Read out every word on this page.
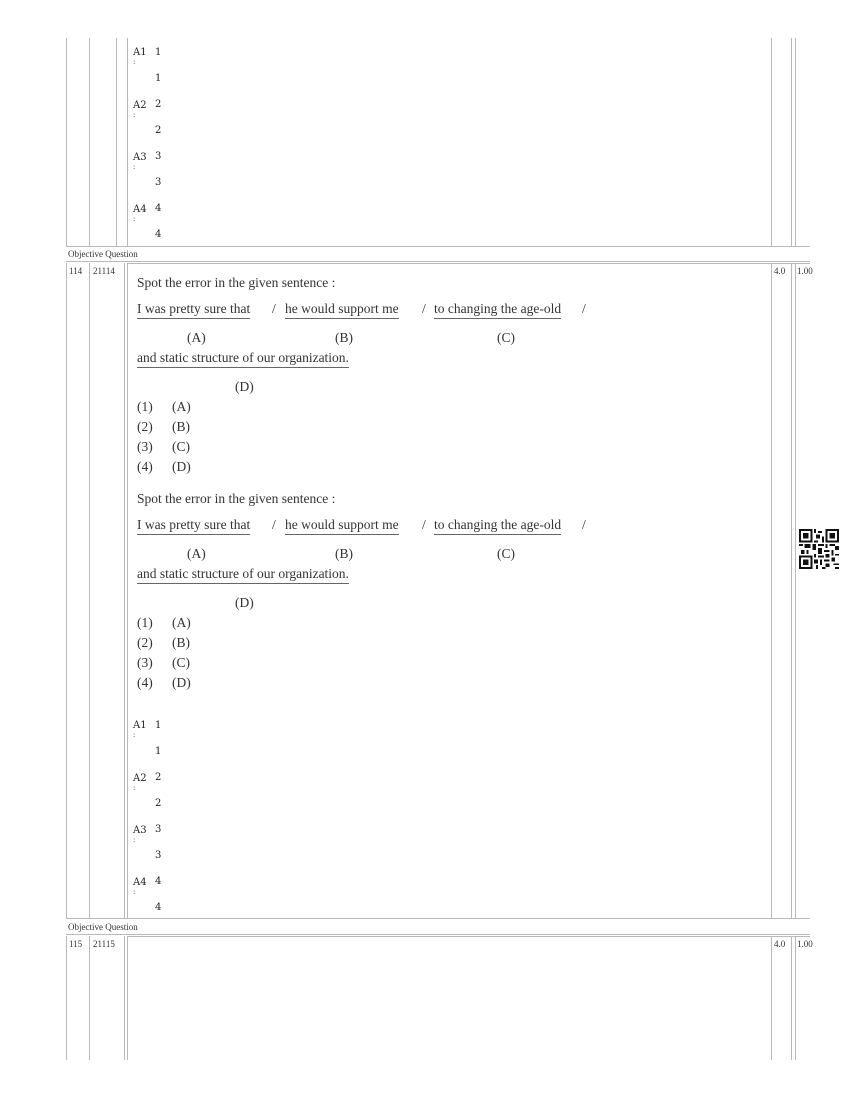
A1
:
1
1
A2
:
2
2
A3
:
3
3
A4
:
4
4
Objective Question
114 21114	4.0 1.00
Spot the error in the given sentence :
I was pretty sure that / he would support me / to changing the age-old /
(A)	(B)	(C)
and static structure of our organization.
(D)
(1) (A)
(2) (B)
(3) (C)
(4) (D)
Spot the error in the given sentence :
I was pretty sure that / he would support me / to changing the age-old /
(A)	(B)	(C)
and static structure of our organization.
(D)
(1) (A)
(2) (B)
(3) (C)
(4) (D)
A1
:
1
1
A2
:
2
2
A3
:
3
3
A4
:
4
4
Objective Question
115 21115	4.0 1.00
